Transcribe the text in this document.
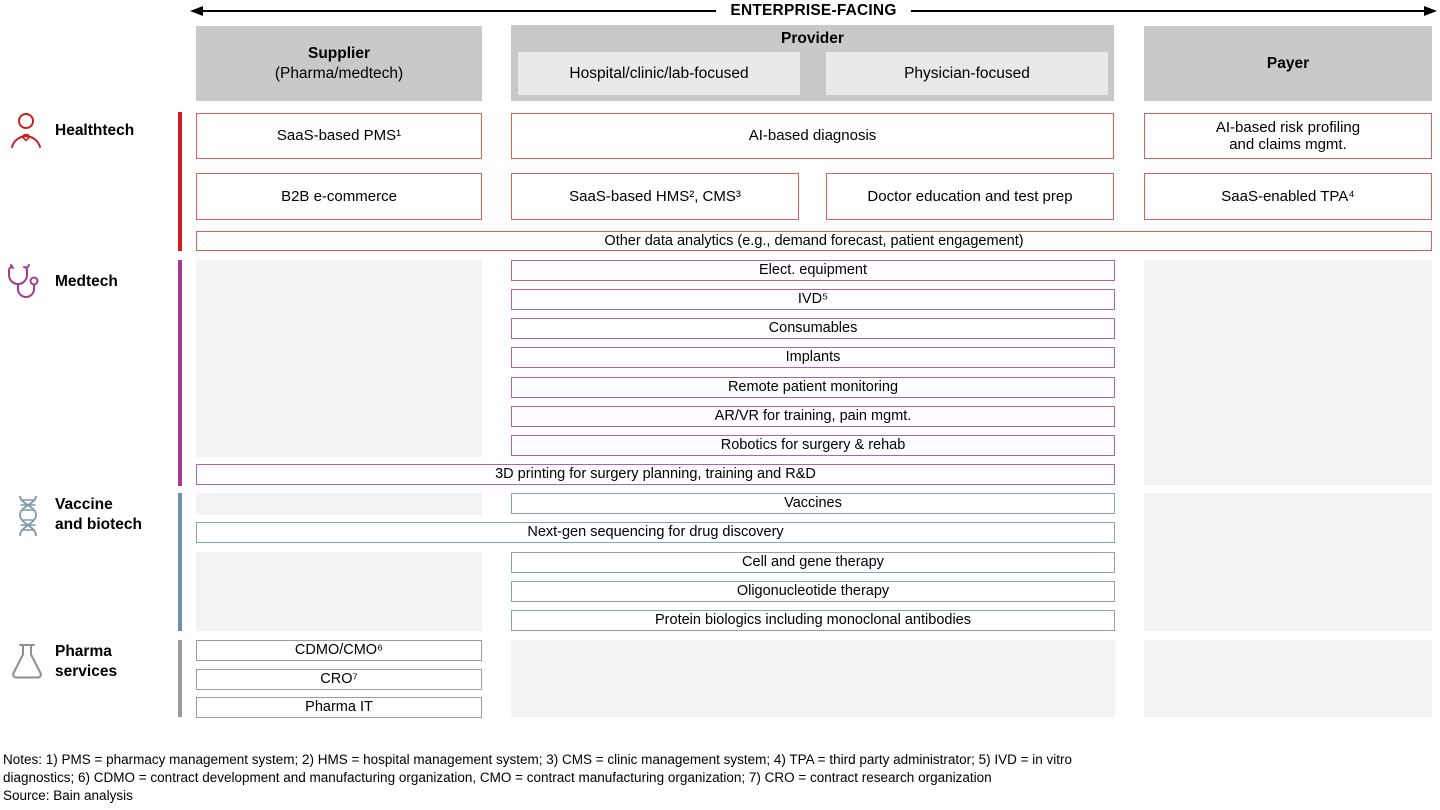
ENTERPRISE-FACING
Supplier
(Pharma/medtech)
Provider
Hospital/clinic/lab-focused	Physician-focused
Payer
Healthtech
Medtech
Vaccine
and biotech
Pharma
services
SaaS-based PMS¹	AI-based diagnosis
AI-based risk profiling
and claims mgmt.
B2B e-commerce	SaaS-based HMS², CMS³	Doctor education and test prep	SaaS-enabled TPA⁴
Other data analytics (e.g., demand forecast, patient engagement)
Elect. equipment
IVD⁵
Consumables
Implants
Remote patient monitoring
AR/VR for training, pain mgmt.
Robotics for surgery & rehab
3D printing for surgery planning, training and R&D
Vaccines
Next-gen sequencing for drug discovery
Cell and gene therapy
Oligonucleotide therapy
Protein biologics including monoclonal antibodies
CDMO/CMO⁶
CRO⁷
Pharma IT
Notes: 1) PMS = pharmacy management system; 2) HMS = hospital management system; 3) CMS = clinic management system; 4) TPA = third party administrator; 5) IVD = in vitro
diagnostics; 6) CDMO = contract development and manufacturing organization, CMO = contract manufacturing organization; 7) CRO = contract research organization
Source: Bain analysis
